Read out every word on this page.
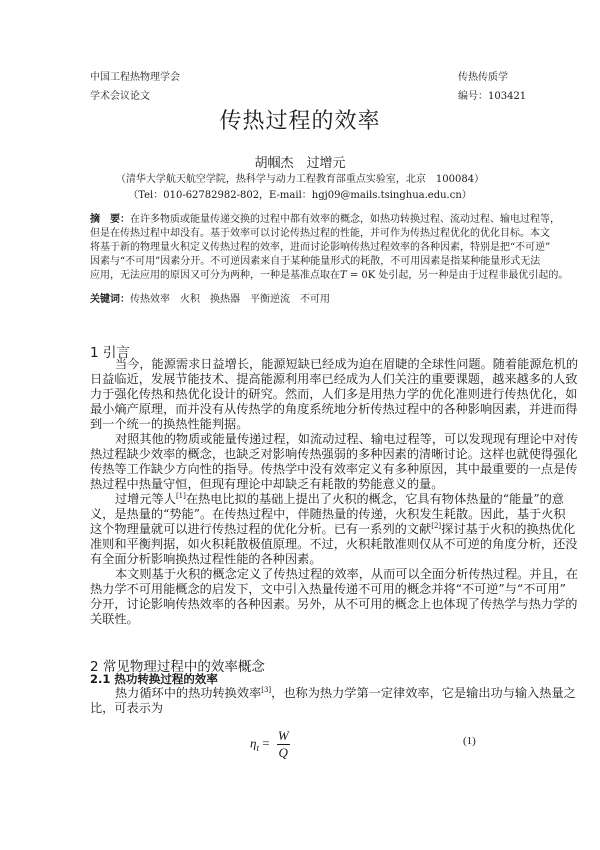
中国工程热物理学会
学术会议论文
传热传质学
编号：103421
传热过程的效率
胡帼杰　过增元
（清华大学航天航空学院，热科学与动力工程教育部重点实验室，北京　100084）
（Tel：010-62782982-802，E-mail：hgj09@mails.tsinghua.edu.cn）
摘　要：在许多物质或能量传递交换的过程中都有效率的概念，如热功转换过程、流动过程、输电过程等，
但是在传热过程中却没有。基于效率可以讨论传热过程的性能，并可作为传热过程优化的优化目标。本文
将基于新的物理量火积定义传热过程的效率，进而讨论影响传热过程效率的各种因素，特别是把“不可逆”
因素与“不可用”因素分开。不可逆因素来自于某种能量形式的耗散，不可用因素是指某种能量形式无法
应用，无法应用的原因又可分为两种，一种是基准点取在T = 0K 处引起，另一种是由于过程非最优引起的。
关键词：传热效率　火积　换热器　平衡逆流　不可用
1 引言
当今，能源需求日益增长，能源短缺已经成为迫在眉睫的全球性问题。随着能源危机的
日益临近，发展节能技术、提高能源利用率已经成为人们关注的重要课题，越来越多的人致
力于强化传热和热优化设计的研究。然而，人们多是用热力学的优化准则进行传热优化，如
最小熵产原理，而并没有从传热学的角度系统地分析传热过程中的各种影响因素，并进而得
到一个统一的换热性能判据。
对照其他的物质或能量传递过程，如流动过程、输电过程等，可以发现现有理论中对传
热过程缺少效率的概念，也缺乏对影响传热强弱的多种因素的清晰讨论。这样也就使得强化
传热等工作缺少方向性的指导。传热学中没有效率定义有多种原因，其中最重要的一点是传
热过程中热量守恒，但现有理论中却缺乏有耗散的势能意义的量。
过增元等人[1]在热电比拟的基础上提出了火积的概念，它具有物体热量的“能量”的意
义，是热量的“势能”。在传热过程中，伴随热量的传递，火积发生耗散。因此，基于火积
这个物理量就可以进行传热过程的优化分析。已有一系列的文献[2]探讨基于火积的换热优化
准则和平衡判据，如火积耗散极值原理。不过，火积耗散准则仅从不可逆的角度分析，还没
有全面分析影响换热过程性能的各种因素。
本文则基于火积的概念定义了传热过程的效率，从而可以全面分析传热过程。并且，在
热力学不可用能概念的启发下，文中引入热量传递不可用的概念并将“不可逆”与“不可用”
分开，讨论影响传热效率的各种因素。另外，从不可用的概念上也体现了传热学与热力学的
关联性。
2 常见物理过程中的效率概念
2.1 热功转换过程的效率
热力循环中的热功转换效率[3]，也称为热力学第一定律效率，它是输出功与输入热量之
比，可表示为
$\eta_t = \frac{W}{Q}$	(1)
